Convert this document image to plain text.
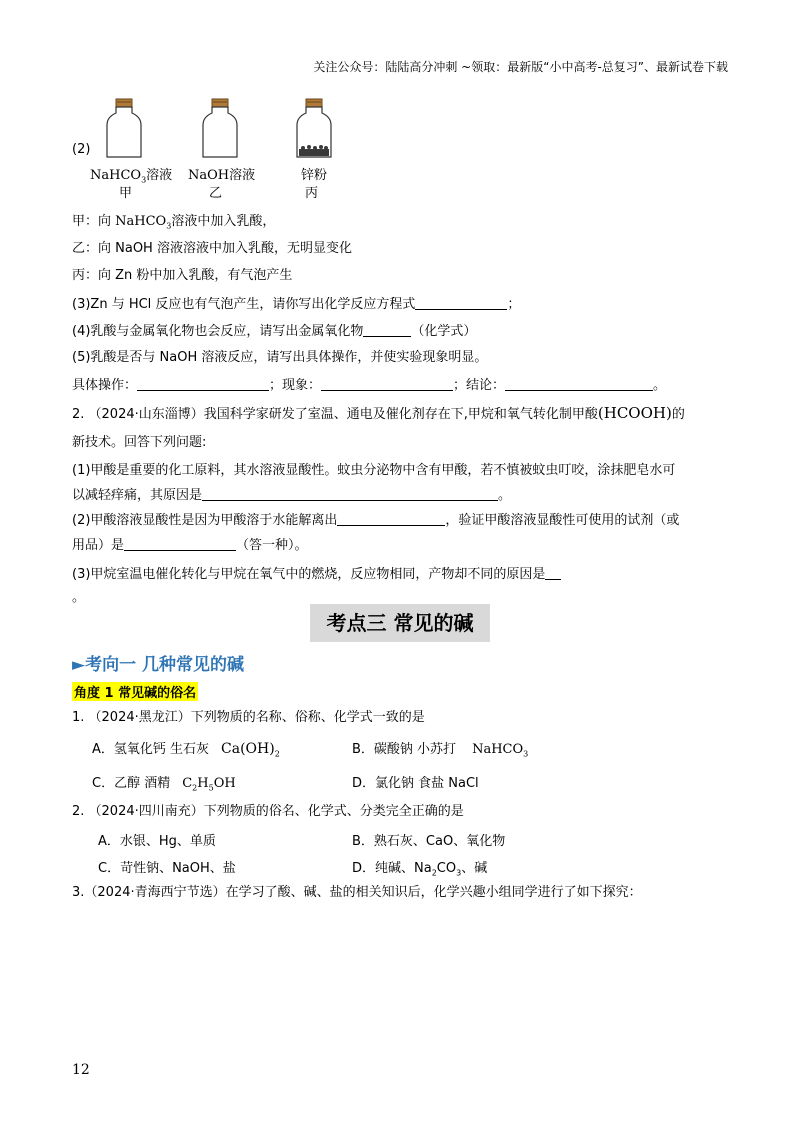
关注公众号：陆陆高分冲刺 ~领取：最新版“小中高考-总复习”、最新试卷下载
(2)
NaHCO$_3$溶液
甲
NaOH溶液
乙
锌粉
丙
甲：向 NaHCO$_3$溶液中加入乳酸，
乙：向 NaOH 溶液溶液中加入乳酸，无明显变化
丙：向 Zn 粉中加入乳酸，有气泡产生
(3)Zn 与 HCl 反应也有气泡产生，请你写出化学反应方程式	；
(4)乳酸与金属氧化物也会反应，请写出金属氧化物	（化学式）
(5)乳酸是否与 NaOH 溶液反应，请写出具体操作，并使实验现象明显。
具体操作：	；现象：	；结论：	。
2. （2024·山东淄博）我国科学家研发了室温、通电及催化剂存在下,甲烷和氧气转化制甲酸(HCOOH)的
新技术。回答下列问题:
(1)甲酸是重要的化工原料，其水溶液显酸性。蚊虫分泌物中含有甲酸，若不慎被蚊虫叮咬，涂抹肥皂水可
以减轻痒痛，其原因是	。
(2)甲酸溶液显酸性是因为甲酸溶于水能解离出	，验证甲酸溶液显酸性可使用的试剂（或
用品）是	（答一种）。
(3)甲烷室温电催化转化与甲烷在氧气中的燃烧，反应物相同，产物却不同的原因是
。
考点三 常见的碱
►考向一 几种常见的碱
角度 1 常见碱的俗名
1. （2024·黑龙江）下列物质的名称、俗称、化学式一致的是
A．氢氧化钙 生石灰 $Ca(OH)_2$	B．碳酸钠 小苏打 NaHCO$_3$
C．乙醇 酒精 $C_2H_5OH$	D．氯化钠 食盐 NaCl
2. （2024·四川南充）下列物质的俗名、化学式、分类完全正确的是
A．水银、Hg、单质	B．熟石灰、CaO、氧化物
C．苛性钠、NaOH、盐	D．纯碱、$Na_2CO_3$、碱
3.（2024·青海西宁节选）在学习了酸、碱、盐的相关知识后，化学兴趣小组同学进行了如下探究：
12
